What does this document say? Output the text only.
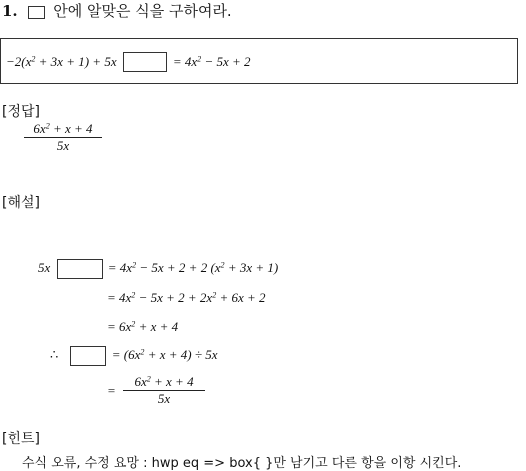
1. 안에 알맞은 식을 구하여라.
$-2(x^2 + 3x + 1) + 5x$	= $4x^2 - 5x + 2$
[정답]
$\frac{6x^2 + x + 4}{5x}$
[해설]
5x	= $4x^2 - 5x + 2 + 2$ $(x^2 + 3x + 1)$
= $4x^2 - 5x + 2 + 2x^2 + 6x + 2$
= $6x^2 + x + 4$
∴	= $(6x^2 + x + 4) \div 5x$
= $\frac{6x^2 + x + 4}{5x}$
[힌트]
수식 오류, 수정 요망 : hwp eq => box{ }만 남기고 다른 항을 이항 시킨다.
